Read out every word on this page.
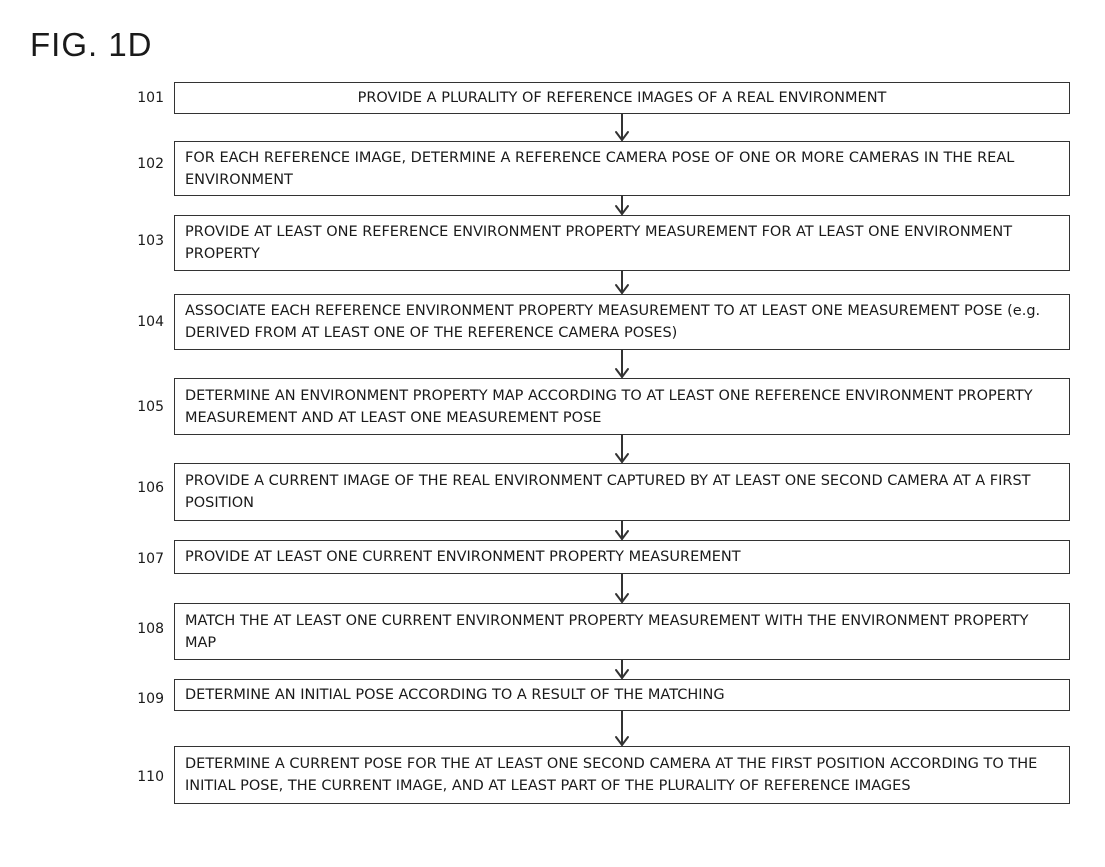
FIG. 1D
101	PROVIDE A PLURALITY OF REFERENCE IMAGES OF A REAL ENVIRONMENT
102 FOR EACH REFERENCE IMAGE, DETERMINE A REFERENCE CAMERA POSE OF ONE OR MORE CAMERAS IN THE REAL ENVIRONMENT
103
PROVIDE AT LEAST ONE REFERENCE ENVIRONMENT PROPERTY MEASUREMENT FOR AT LEAST ONE ENVIRONMENT PROPERTY
104
ASSOCIATE EACH REFERENCE ENVIRONMENT PROPERTY MEASUREMENT TO AT LEAST ONE MEASUREMENT POSE (e.g. DERIVED FROM AT LEAST ONE OF THE REFERENCE CAMERA POSES)
105
DETERMINE AN ENVIRONMENT PROPERTY MAP ACCORDING TO AT LEAST ONE REFERENCE ENVIRONMENT PROPERTY MEASUREMENT AND AT LEAST ONE MEASUREMENT POSE
106 PROVIDE A CURRENT IMAGE OF THE REAL ENVIRONMENT CAPTURED BY AT LEAST ONE SECOND CAMERA AT A FIRST POSITION
107 PROVIDE AT LEAST ONE CURRENT ENVIRONMENT PROPERTY MEASUREMENT
108
MATCH THE AT LEAST ONE CURRENT ENVIRONMENT PROPERTY MEASUREMENT WITH THE ENVIRONMENT PROPERTY MAP
109 DETERMINE AN INITIAL POSE ACCORDING TO A RESULT OF THE MATCHING
110
DETERMINE A CURRENT POSE FOR THE AT LEAST ONE SECOND CAMERA AT THE FIRST POSITION ACCORDING TO THE INITIAL POSE, THE CURRENT IMAGE, AND AT LEAST PART OF THE PLURALITY OF REFERENCE IMAGES
